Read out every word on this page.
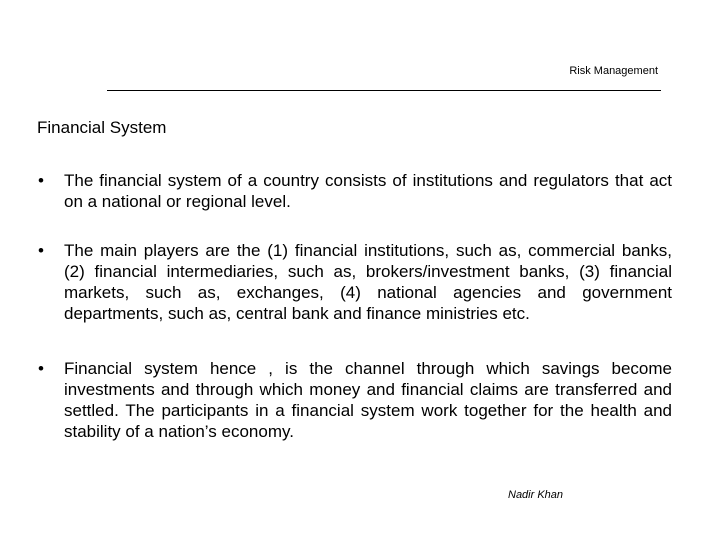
Risk Management
Financial System
•	The financial system of a country consists of institutions and regulators that act on a national or regional level.
•	The main players are the (1) financial institutions, such as, commercial banks, (2) financial intermediaries, such as, brokers/investment banks, (3) financial markets, such as, exchanges, (4) national agencies and government departments, such as, central bank and finance ministries etc.
•	Financial system hence , is the channel through which savings become investments and through which money and financial claims are transferred and settled. The participants in a financial system work together for the health and stability of a nation’s economy.
Nadir Khan
